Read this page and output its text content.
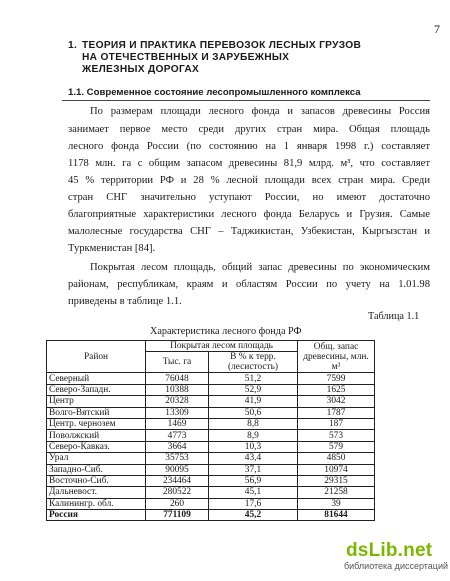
7
1. ТЕОРИЯ И ПРАКТИКА ПЕРЕВОЗОК ЛЕСНЫХ ГРУЗОВ
НА ОТЕЧЕСТВЕННЫХ И ЗАРУБЕЖНЫХ
ЖЕЛЕЗНЫХ ДОРОГАХ
1.1. Современное состояние лесопромышленного комплекса
По размерам площади лесного фонда и запасов древесины Россия
занимает первое место среди других стран мира. Общая площадь
лесного фонда России (по состоянию на 1 января 1998 г.) составляет
1178 млн. га с общим запасом древесины 81,9 млрд. м³, что составляет
45 % территории РФ и 28 % лесной площади всех стран мира. Среди
стран СНГ значительно уступают России, но имеют достаточно
благоприятные характеристики лесного фонда Беларусь и Грузия. Самые
малолесные государства СНГ – Таджикистан, Узбекистан, Кыргызстан и
Туркменистан [84].
Покрытая лесом площадь, общий запас древесины по экономическим
районам, республикам, краям и областям России по учету на 1.01.98
приведены в таблице 1.1.
Таблица 1.1
Характеристика лесного фонда РФ
Район	Покрытая лесом площадь		Общ. запас
древесины, млн.
м³
	Тыс. га	В % к терр.
(лесистость)	
Северный	76048	51,2	7599
Северо-Западн.	10388	52,9	1625
Центр	20328	41,9	3042
Волго-Вятский	13309	50,6	1787
Центр. чернозем	1469	8,8	187
Поволжский	4773	8,9	573
Северо-Кавказ.	3664	10,3	579
Урал	35753	43,4	4850
Западно-Сиб.	90095	37,1	10974
Восточно-Сиб.	234464	56,9	29315
Дальневост.	280522	45,1	21258
Калинингр. обл.	260	17,6	39
Россия	771109	45,2	81644
dsLib.net
библиотека диссертаций
